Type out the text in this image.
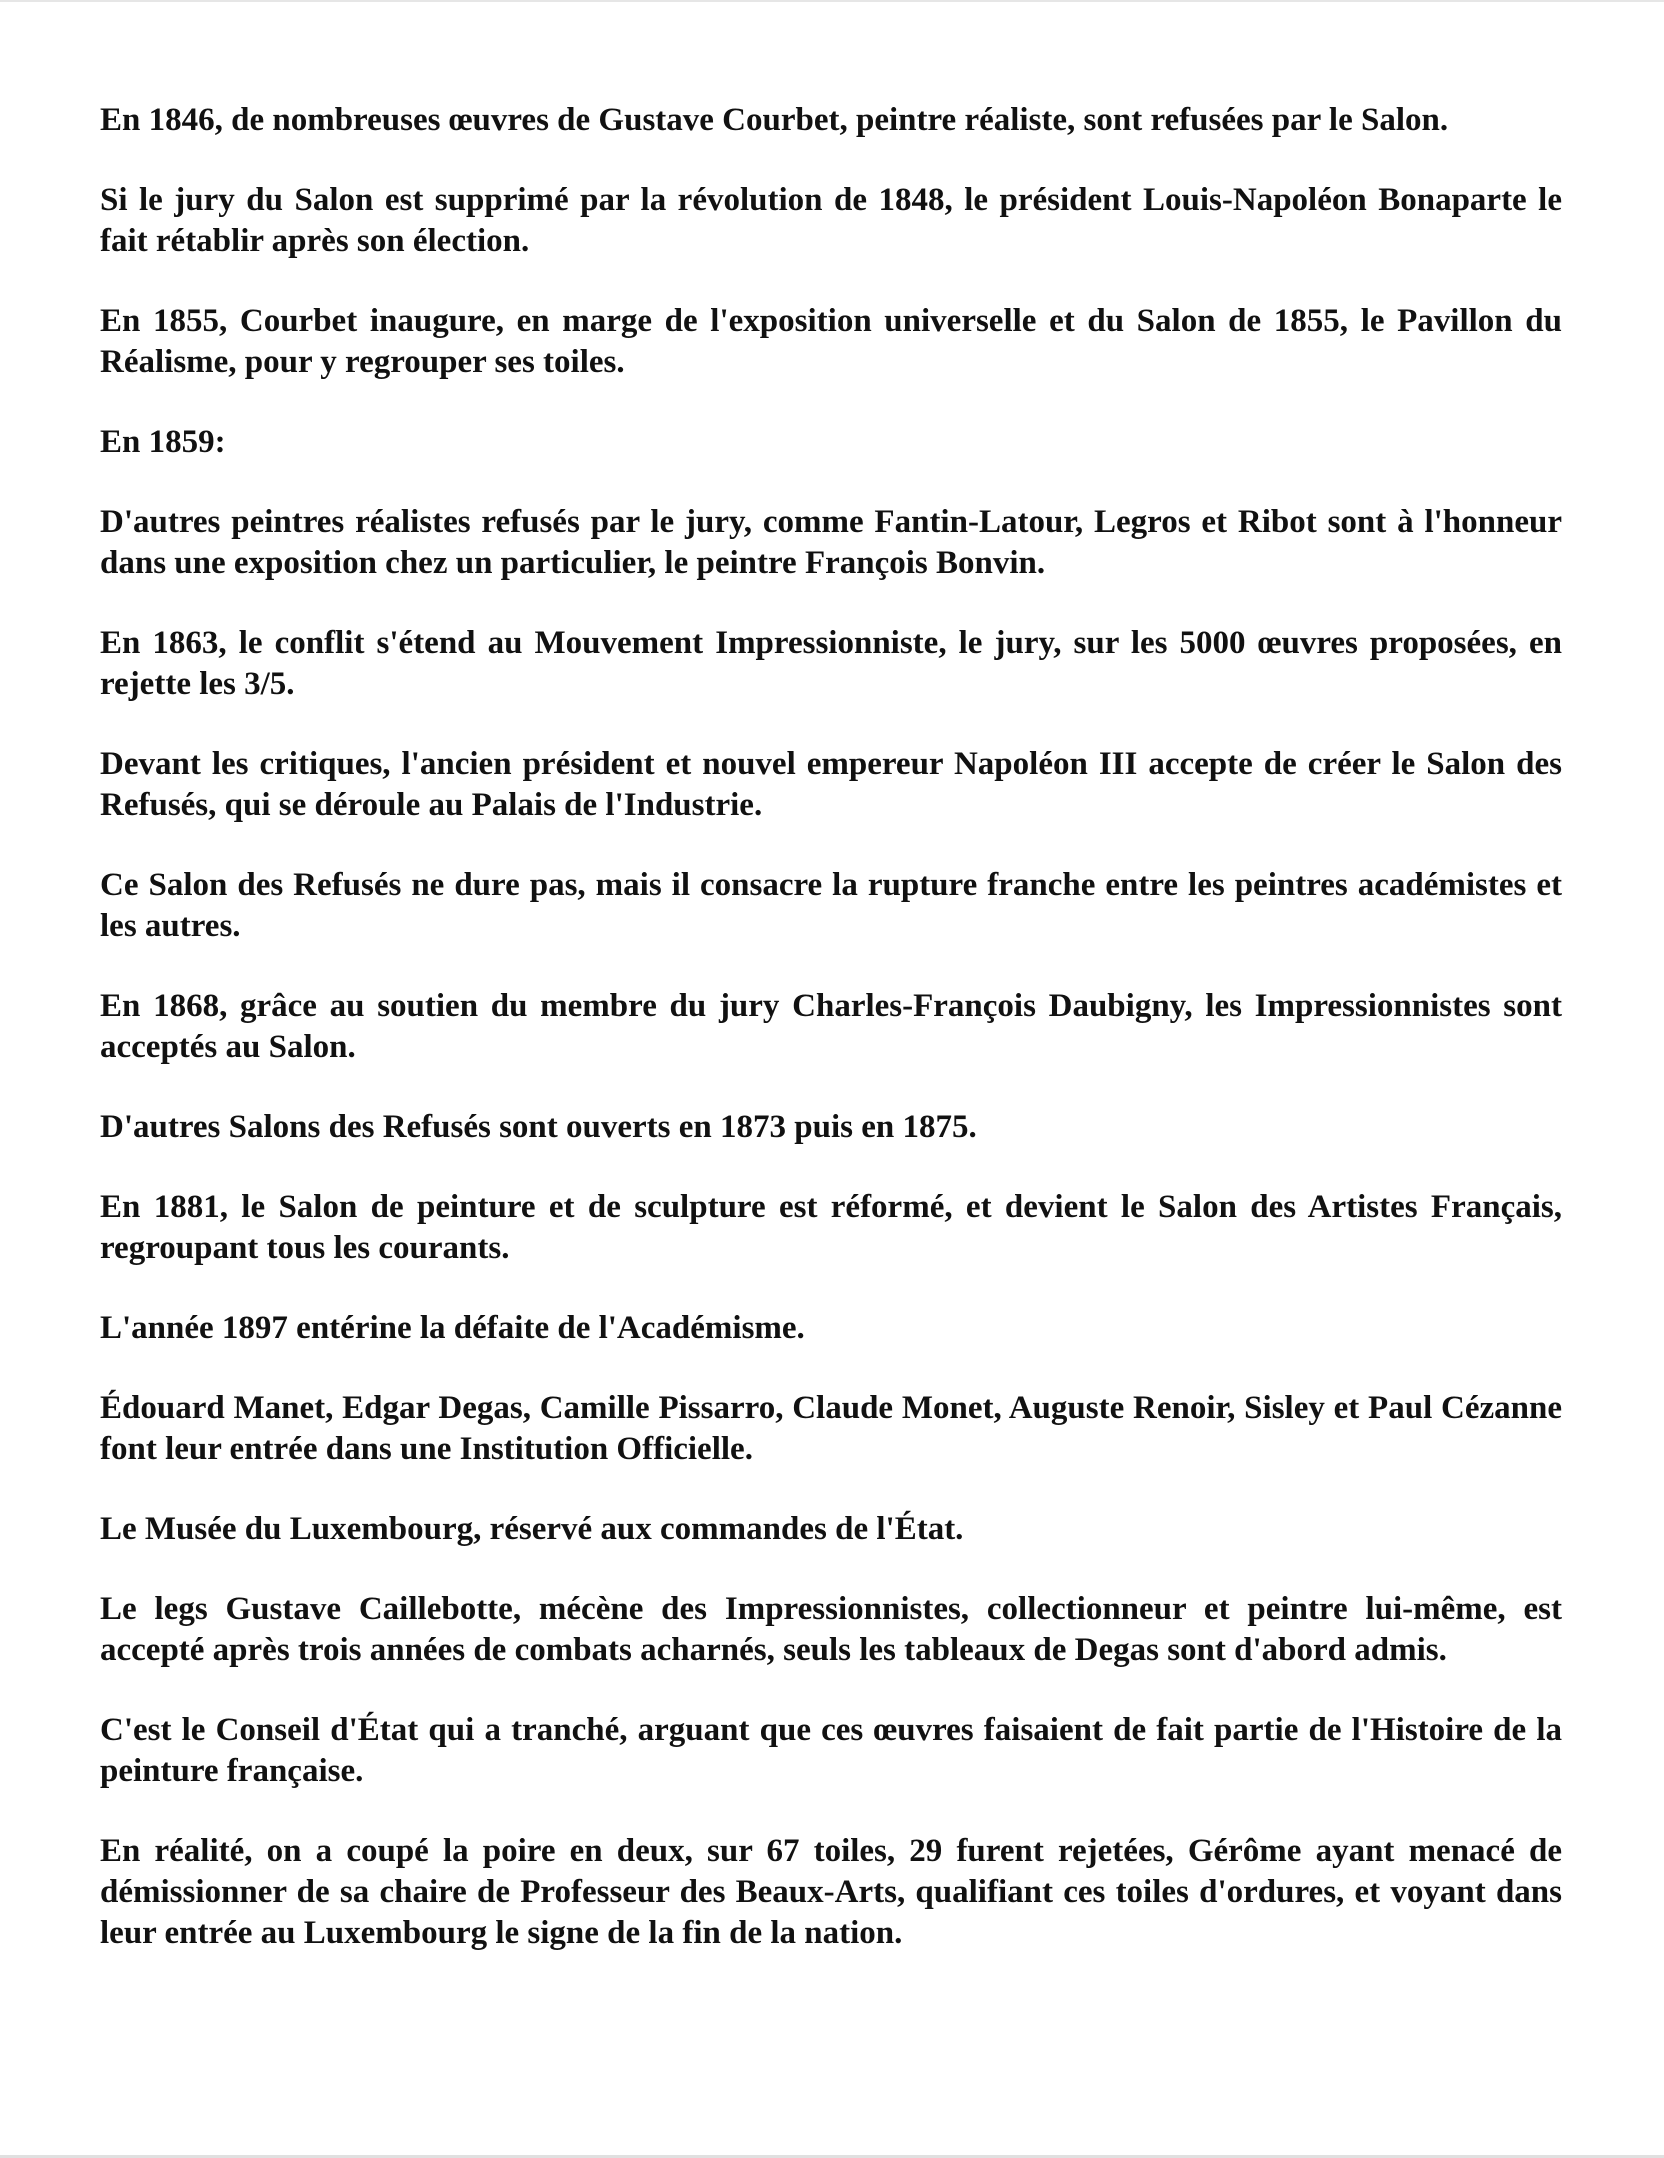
En 1846, de nombreuses œuvres de Gustave Courbet, peintre réaliste, sont refusées par le Salon.

Si le jury du Salon est supprimé par la révolution de 1848, le président Louis-Napoléon Bonaparte le fait rétablir après son élection.

En 1855, Courbet inaugure, en marge de l'exposition universelle et du Salon de 1855, le Pavillon du Réalisme, pour y regrouper ses toiles.

En 1859:

D'autres peintres réalistes refusés par le jury, comme Fantin-Latour, Legros et Ribot sont à l'honneur dans une exposition chez un particulier, le peintre François Bonvin.

En 1863, le conflit s'étend au Mouvement Impressionniste, le jury, sur les 5000 œuvres proposées, en rejette les 3/5.

Devant les critiques, l'ancien président et nouvel empereur Napoléon III accepte de créer le Salon des Refusés, qui se déroule au Palais de l'Industrie.

Ce Salon des Refusés ne dure pas, mais il consacre la rupture franche entre les peintres académistes et les autres.

En 1868, grâce au soutien du membre du jury Charles-François Daubigny, les Impressionnistes sont acceptés au Salon.

D'autres Salons des Refusés sont ouverts en 1873 puis en 1875.

En 1881, le Salon de peinture et de sculpture est réformé, et devient le Salon des Artistes Français, regroupant tous les courants.

L'année 1897 entérine la défaite de l'Académisme.

Édouard Manet, Edgar Degas, Camille Pissarro, Claude Monet, Auguste Renoir, Sisley et Paul Cézanne font leur entrée dans une Institution Officielle.

Le Musée du Luxembourg, réservé aux commandes de l'État.

Le legs Gustave Caillebotte, mécène des Impressionnistes, collectionneur et peintre lui-même, est accepté après trois années de combats acharnés, seuls les tableaux de Degas sont d'abord admis.

C'est le Conseil d'État qui a tranché, arguant que ces œuvres faisaient de fait partie de l'Histoire de la peinture française.

En réalité, on a coupé la poire en deux, sur 67 toiles, 29 furent rejetées, Gérôme ayant menacé de démissionner de sa chaire de Professeur des Beaux-Arts, qualifiant ces toiles d'ordures, et voyant dans leur entrée au Luxembourg le signe de la fin de la nation.
